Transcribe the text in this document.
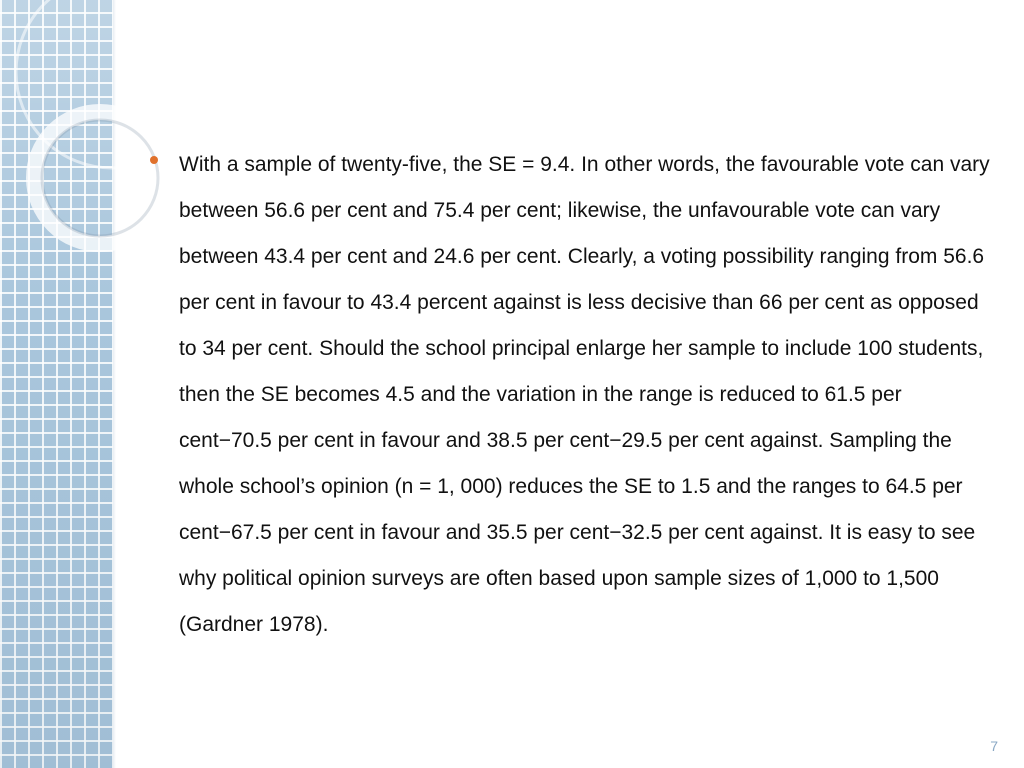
With a sample of twenty-five, the SE = 9.4. In other words, the favourable vote can vary between 56.6 per cent and 75.4 per cent; likewise, the unfavourable vote can vary between 43.4 per cent and 24.6 per cent. Clearly, a voting possibility ranging from 56.6 per cent in favour to 43.4 percent against is less decisive than 66 per cent as opposed to 34 per cent. Should the school principal enlarge her sample to include 100 students, then the SE becomes 4.5 and the variation in the range is reduced to 61.5 per cent−70.5 per cent in favour and 38.5 per cent−29.5 per cent against. Sampling the whole school’s opinion (n = 1, 000) reduces the SE to 1.5 and the ranges to 64.5 per cent−67.5 per cent in favour and 35.5 per cent−32.5 per cent against. It is easy to see why political opinion surveys are often based upon sample sizes of 1,000 to 1,500 (Gardner 1978).

7
